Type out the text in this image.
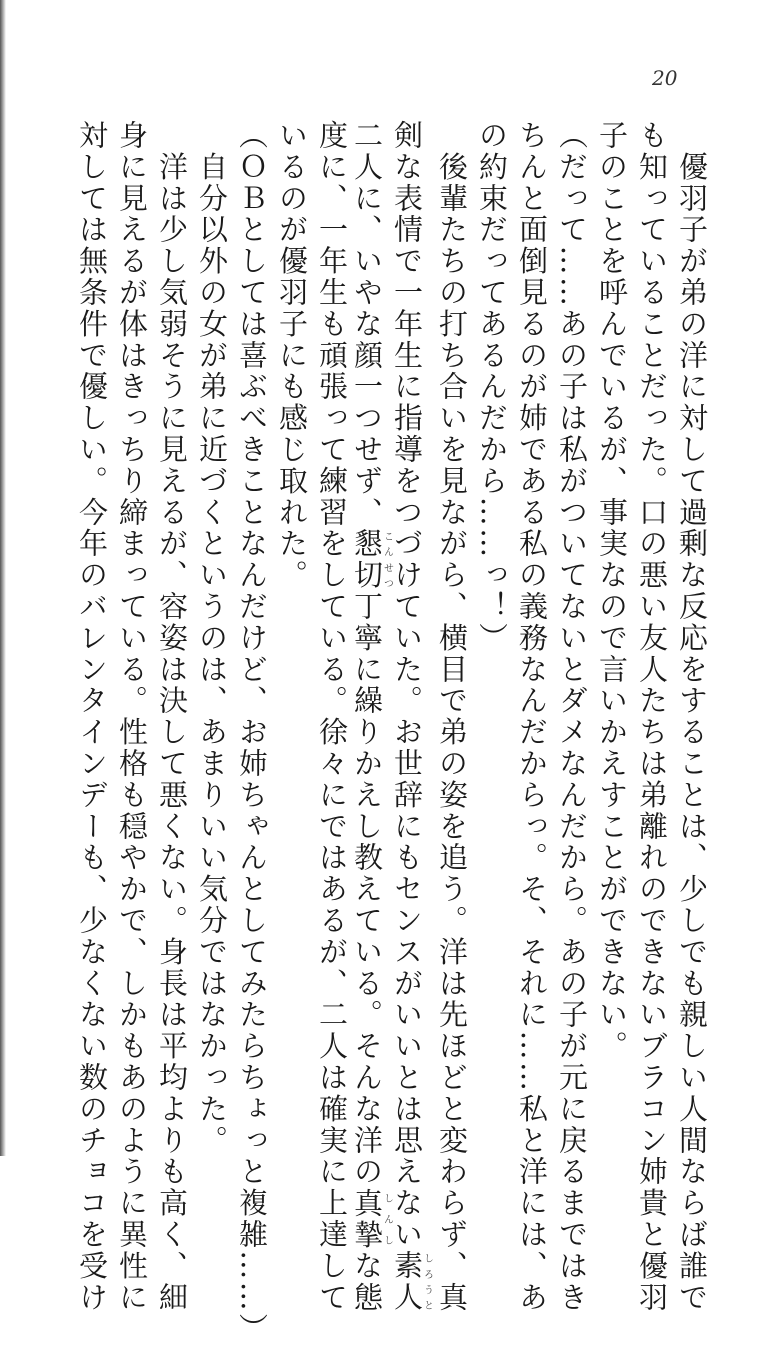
20
　優羽子が弟の洋に対して過剰な反応をすることは、少しでも親しい人間ならば誰で
も知っていることだった。口の悪い友人たちは弟離れのできないブラコン姉貴と優羽
子のことを呼んでいるが、事実なので言いかえすことができない。
（だって……あの子は私がついてないとダメなんだから。あの子が元に戻るまではき
ちんと面倒見るのが姉である私の義務なんだからっ。そ、それに……私と洋には、あ
の約束だってあるんだから……っ！）
　後輩たちの打ち合いを見ながら、横目で弟の姿を追う。洋は先ほどと変わらず、真
剣な表情で一年生に指導をつづけていた。お世辞にもセンスがいいとは思えない素人しろうと
二人に、いやな顔一つせず、懇切こんせつ丁寧に繰りかえし教えている。そんな洋の真摯しんしな態
度に、一年生も頑張って練習をしている。徐々にではあるが、二人は確実に上達して
いるのが優羽子にも感じ取れた。
（ＯＢとしては喜ぶべきことなんだけど、お姉ちゃんとしてみたらちょっと複雑……）
　自分以外の女が弟に近づくというのは、あまりいい気分ではなかった。
　洋は少し気弱そうに見えるが、容姿は決して悪くない。身長は平均よりも高く、細
身に見えるが体はきっちり締まっている。性格も穏やかで、しかもあのように異性に
対しては無条件で優しい。今年のバレンタインデーも、少なくない数のチョコを受け
